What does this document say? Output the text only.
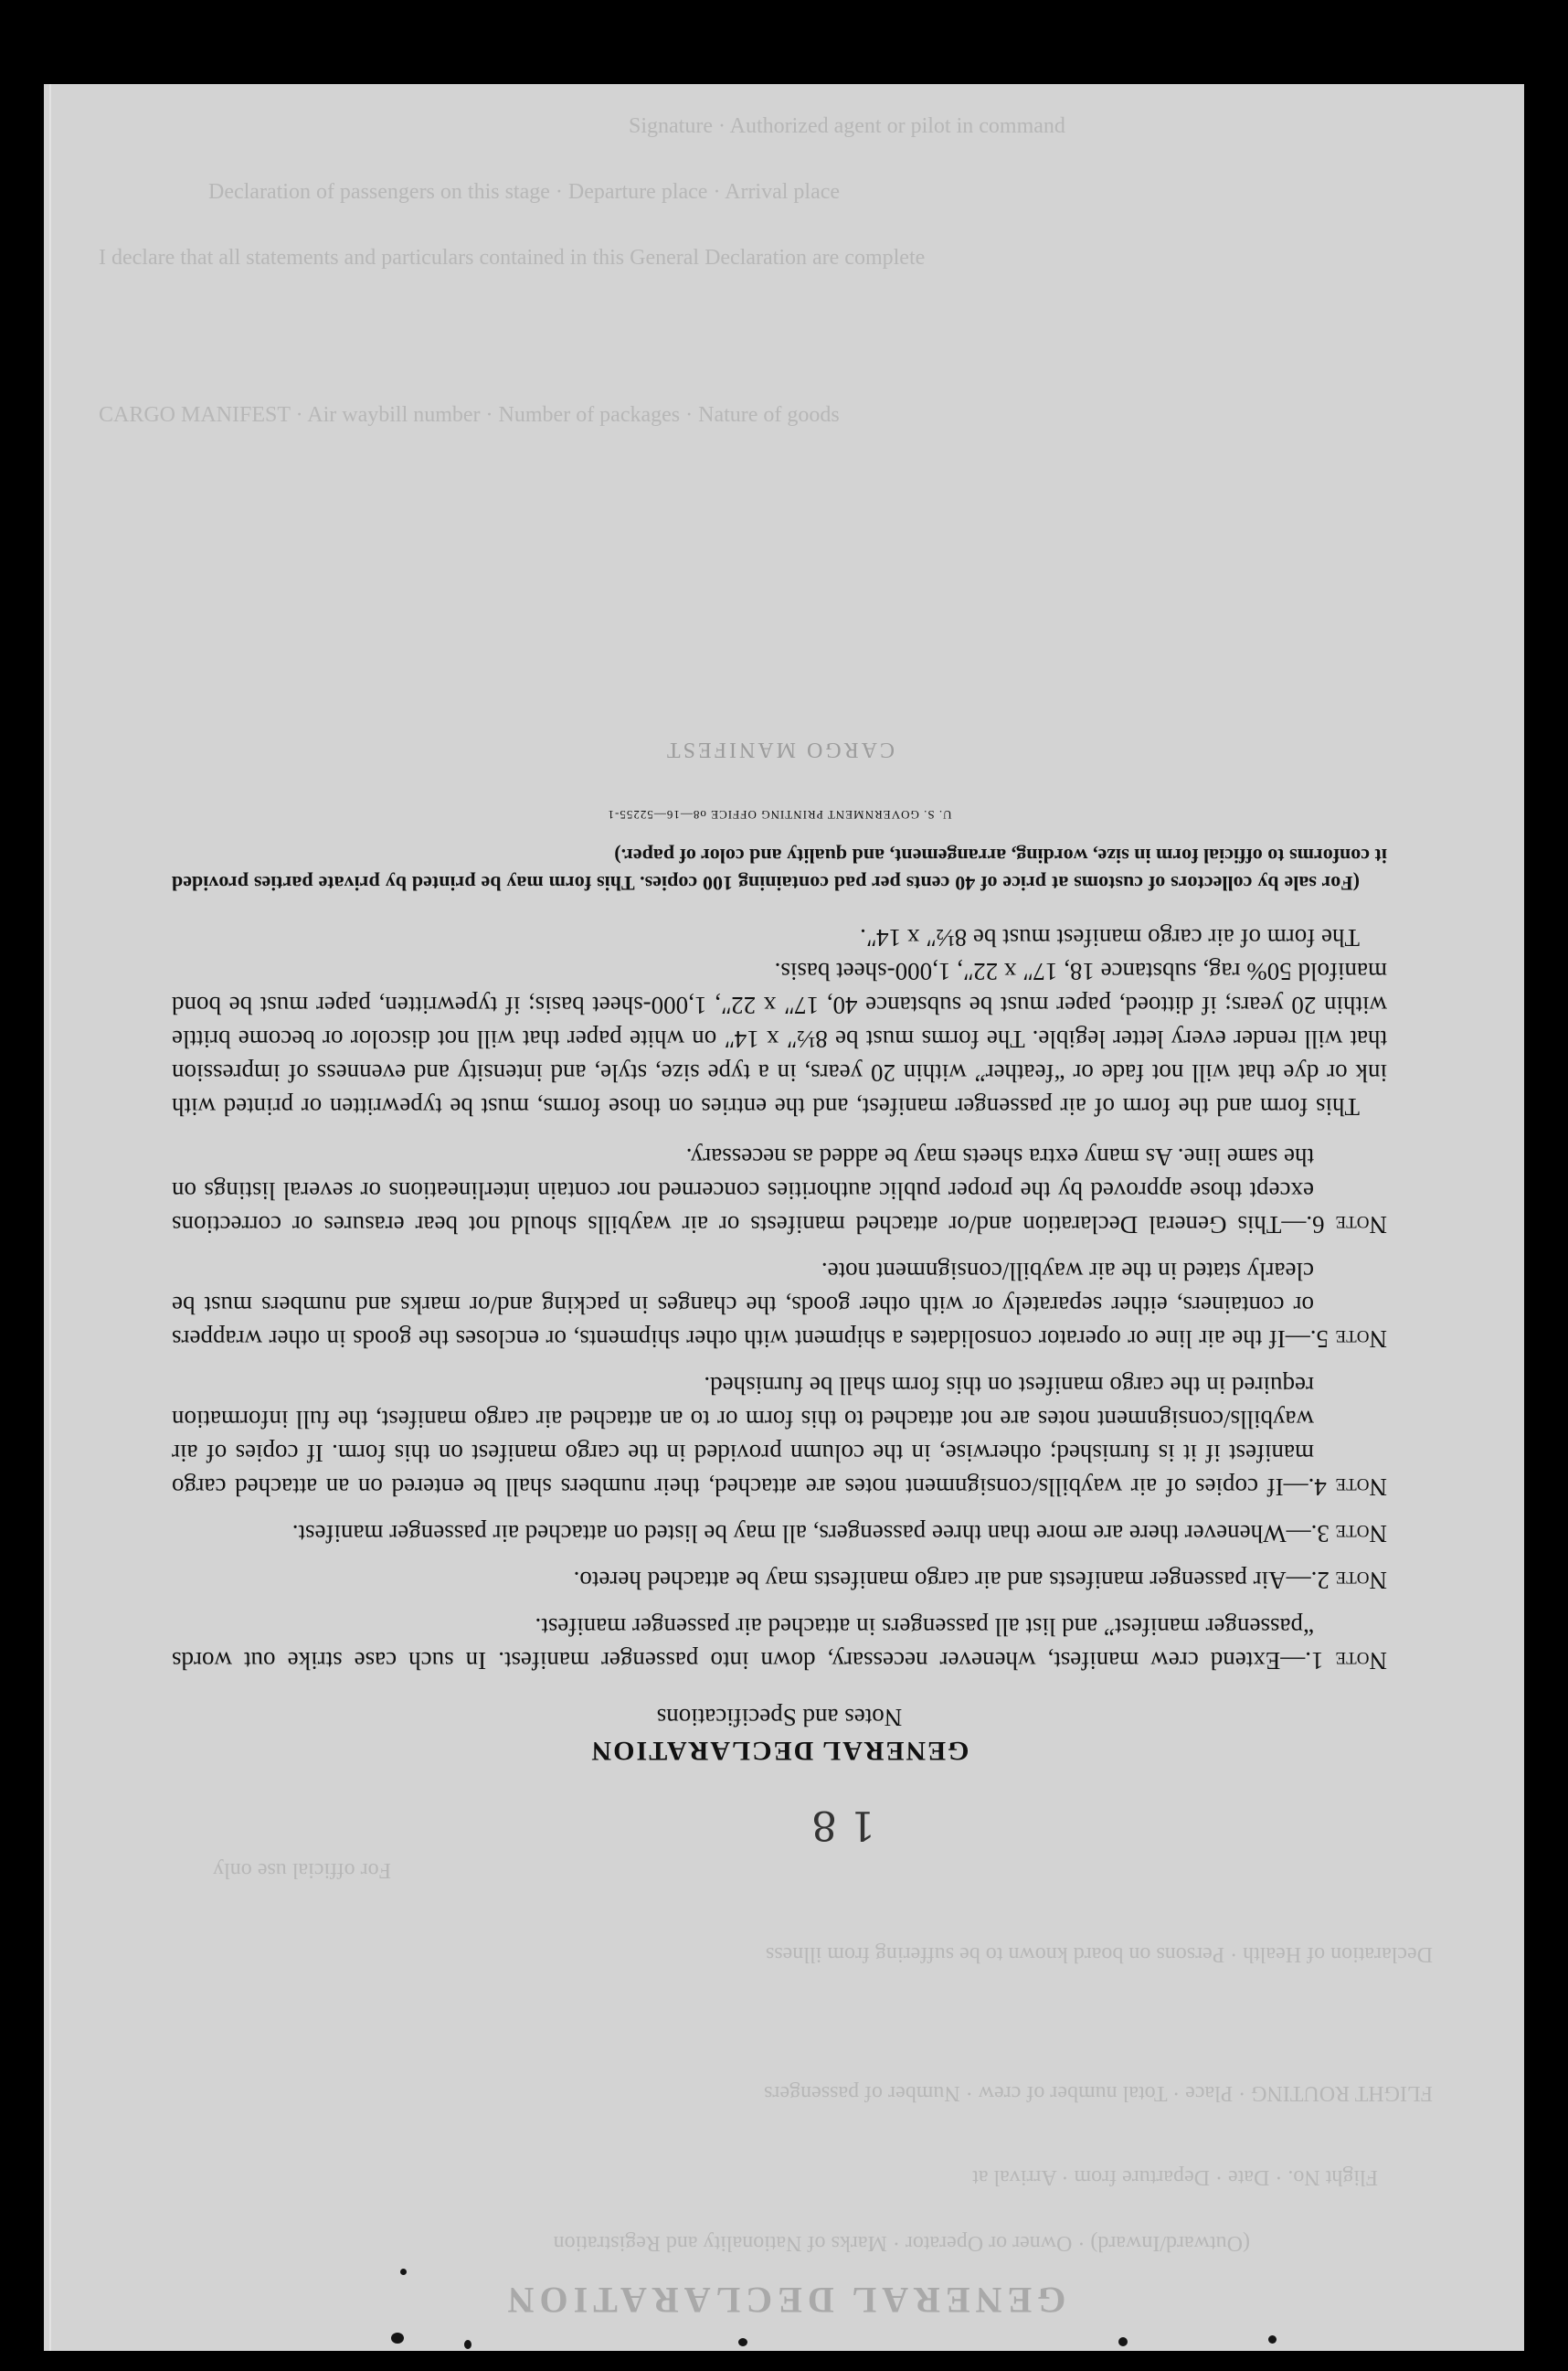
Signature · Authorized agent or pilot in command
Declaration of passengers on this stage · Departure place · Arrival place
I declare that all statements and particulars contained in this General Declaration are complete
CARGO MANIFEST · Air waybill number · Number of packages · Nature of goods
GENERAL DECLARATION
(Outward/Inward) · Owner or Operator · Marks of Nationality and Registration
Flight No. · Date · Departure from · Arrival at
FLIGHT ROUTING · Place · Total number of crew · Number of passengers
Declaration of Health · Persons on board known to be suffering from illness
For official use only
1 8
GENERAL DECLARATION
Notes and Specifications

Note 1.—Extend crew manifest, whenever necessary, down into passenger manifest. In such case strike out words “passenger manifest” and list all passengers in attached air passenger manifest.

Note 2.—Air passenger manifests and air cargo manifests may be attached hereto.

Note 3.—Whenever there are more than three passengers, all may be listed on attached air passenger manifest.

Note 4.—If copies of air waybills/consignment notes are attached, their numbers shall be entered on an attached cargo manifest if it is furnished; otherwise, in the column provided in the cargo manifest on this form. If copies of air waybills/consignment notes are not attached to this form or to an attached air cargo manifest, the full information required in the cargo manifest on this form shall be furnished.

Note 5.—If the air line or operator consolidates a shipment with other shipments, or encloses the goods in other wrappers or containers, either separately or with other goods, the changes in packing and/or marks and numbers must be clearly stated in the air waybill/consignment note.

Note 6.—This General Declaration and/or attached manifests or air waybills should not bear erasures or corrections except those approved by the proper public authorities concerned nor contain interlineations or several listings on the same line. As many extra sheets may be added as necessary.

This form and the form of air passenger manifest, and the entries on those forms, must be typewritten or printed with ink or dye that will not fade or “feather” within 20 years, in a type size, style, and intensity and evenness of impression that will render every letter legible. The forms must be 8½″ x 14″ on white paper that will not discolor or become brittle within 20 years; if dittoed, paper must be substance 40, 17″ x 22″, 1,000-sheet basis; if typewritten, paper must be bond manifold 50% rag, substance 18, 17″ x 22″, 1,000-sheet basis.

The form of air cargo manifest must be 8½″ x 14″.

(For sale by collectors of customs at price of 40 cents per pad containing 100 copies. This form may be printed by private parties provided it conforms to official form in size, wording, arrangement, and quality and color of paper.)

U. S. GOVERNMENT PRINTING OFFICE o8—16—52255-1
CARGO MANIFEST
